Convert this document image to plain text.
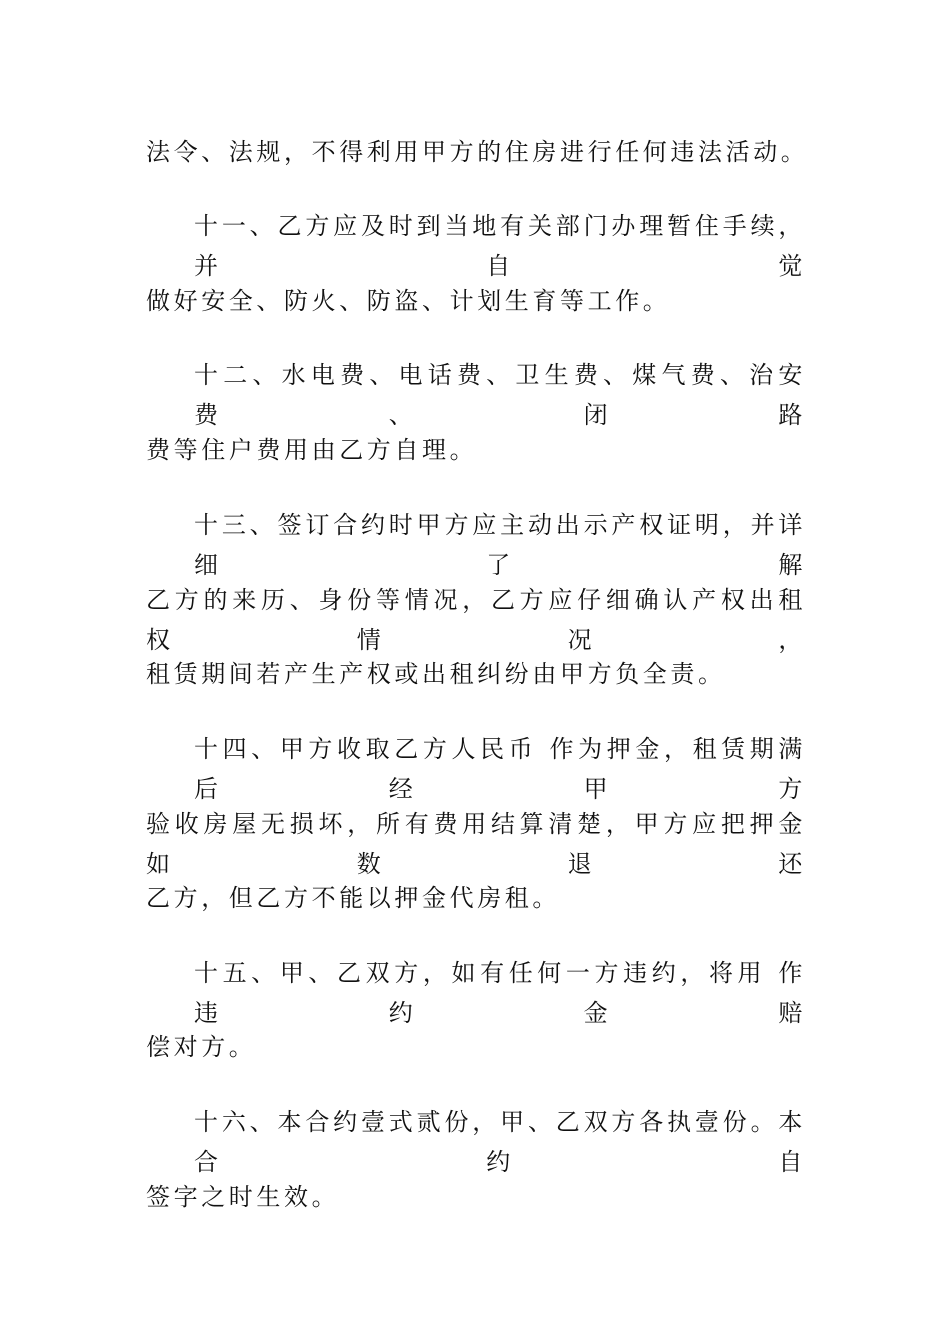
法令、法规，不得利用甲方的住房进行任何违法活动。
十一、乙方应及时到当地有关部门办理暂住手续，并自觉
做好安全、防火、防盗、计划生育等工作。
十二、水电费、电话费、卫生费、煤气费、治安费、闭路
费等住户费用由乙方自理。
十三、签订合约时甲方应主动出示产权证明，并详细了解
乙方的来历、身份等情况，乙方应仔细确认产权出租权情况，
租赁期间若产生产权或出租纠纷由甲方负全责。
十四、甲方收取乙方人民币 作为押金，租赁期满后经甲方
验收房屋无损坏，所有费用结算清楚，甲方应把押金如数退还
乙方，但乙方不能以押金代房租。
十五、甲、乙双方，如有任何一方违约，将用 作违约金赔
偿对方。
十六、本合约壹式贰份，甲、乙双方各执壹份。本合约自
签字之时生效。
